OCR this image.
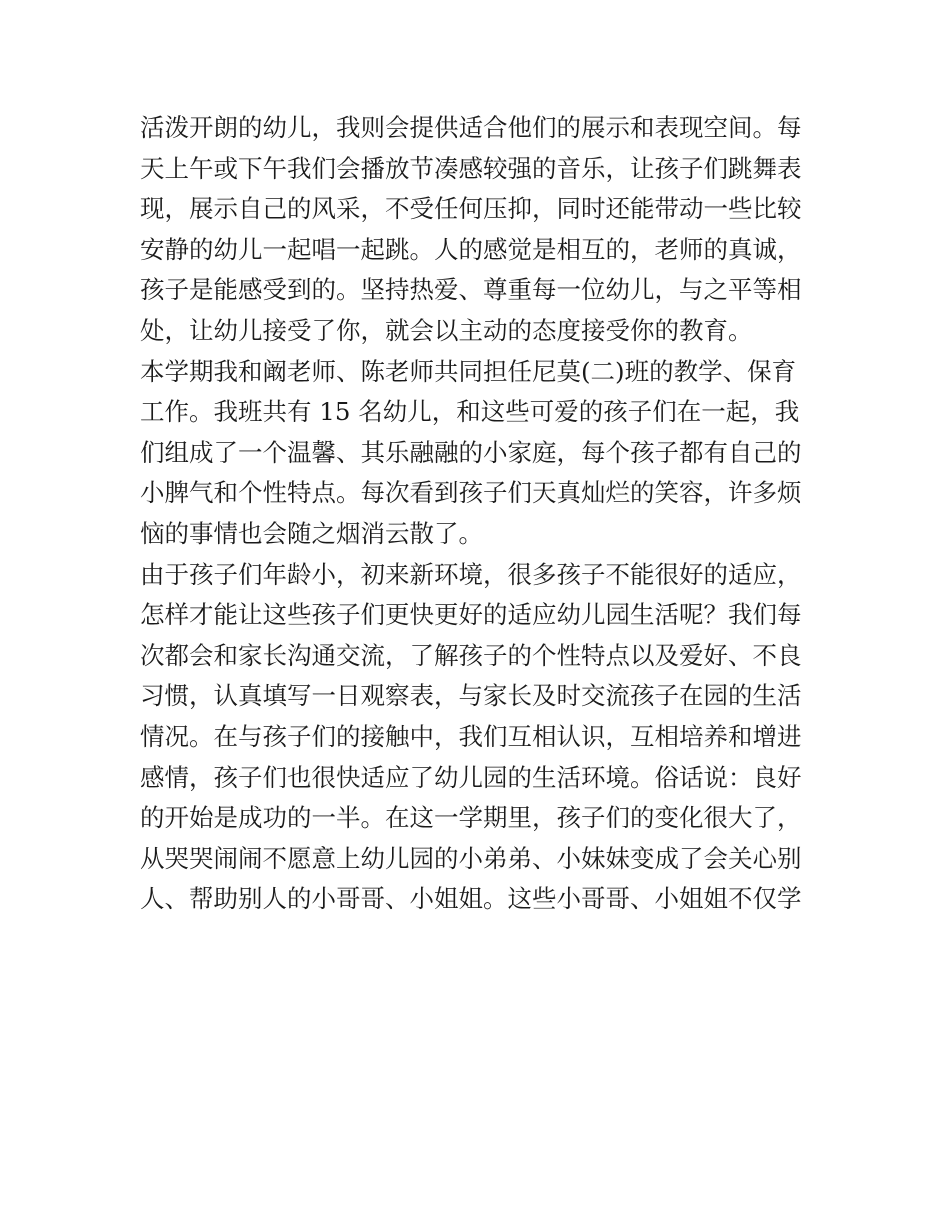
活泼开朗的幼儿，我则会提供适合他们的展示和表现空间。每
天上午或下午我们会播放节凑感较强的音乐，让孩子们跳舞表
现，展示自己的风采，不受任何压抑，同时还能带动一些比较
安静的幼儿一起唱一起跳。人的感觉是相互的，老师的真诚，
孩子是能感受到的。坚持热爱、尊重每一位幼儿，与之平等相
处，让幼儿接受了你，就会以主动的态度接受你的教育。
本学期我和阚老师、陈老师共同担任尼莫(二)班的教学、保育
工作。我班共有 15 名幼儿，和这些可爱的孩子们在一起，我
们组成了一个温馨、其乐融融的小家庭，每个孩子都有自己的
小脾气和个性特点。每次看到孩子们天真灿烂的笑容，许多烦
恼的事情也会随之烟消云散了。
由于孩子们年龄小，初来新环境，很多孩子不能很好的适应，
怎样才能让这些孩子们更快更好的适应幼儿园生活呢？我们每
次都会和家长沟通交流，了解孩子的个性特点以及爱好、不良
习惯，认真填写一日观察表，与家长及时交流孩子在园的生活
情况。在与孩子们的接触中，我们互相认识，互相培养和增进
感情，孩子们也很快适应了幼儿园的生活环境。俗话说：良好
的开始是成功的一半。在这一学期里，孩子们的变化很大了，
从哭哭闹闹不愿意上幼儿园的小弟弟、小妹妹变成了会关心别
人、帮助别人的小哥哥、小姐姐。这些小哥哥、小姐姐不仅学
